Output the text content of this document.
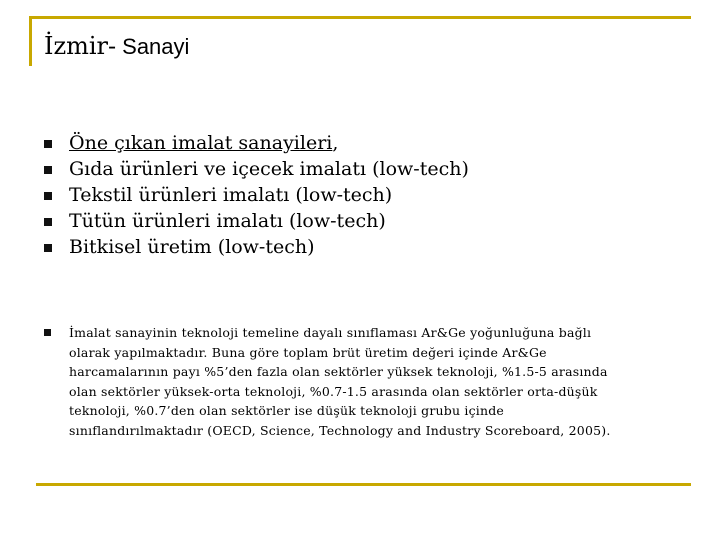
İzmir- Sanayi
Öne çıkan imalat sanayileri,
Gıda ürünleri ve içecek imalatı (low-tech)
Tekstil ürünleri imalatı (low-tech)
Tütün ürünleri imalatı (low-tech)
Bitkisel üretim (low-tech)
İmalat sanayinin teknoloji temeline dayalı sınıflaması Ar&Ge yoğunluğuna bağlı
olarak yapılmaktadır. Buna göre toplam brüt üretim değeri içinde Ar&Ge
harcamalarının payı %5’den fazla olan sektörler yüksek teknoloji, %1.5-5 arasında
olan sektörler yüksek-orta teknoloji, %0.7-1.5 arasında olan sektörler orta-düşük
teknoloji, %0.7’den olan sektörler ise düşük teknoloji grubu içinde
sınıflandırılmaktadır (OECD, Science, Technology and Industry Scoreboard, 2005).
